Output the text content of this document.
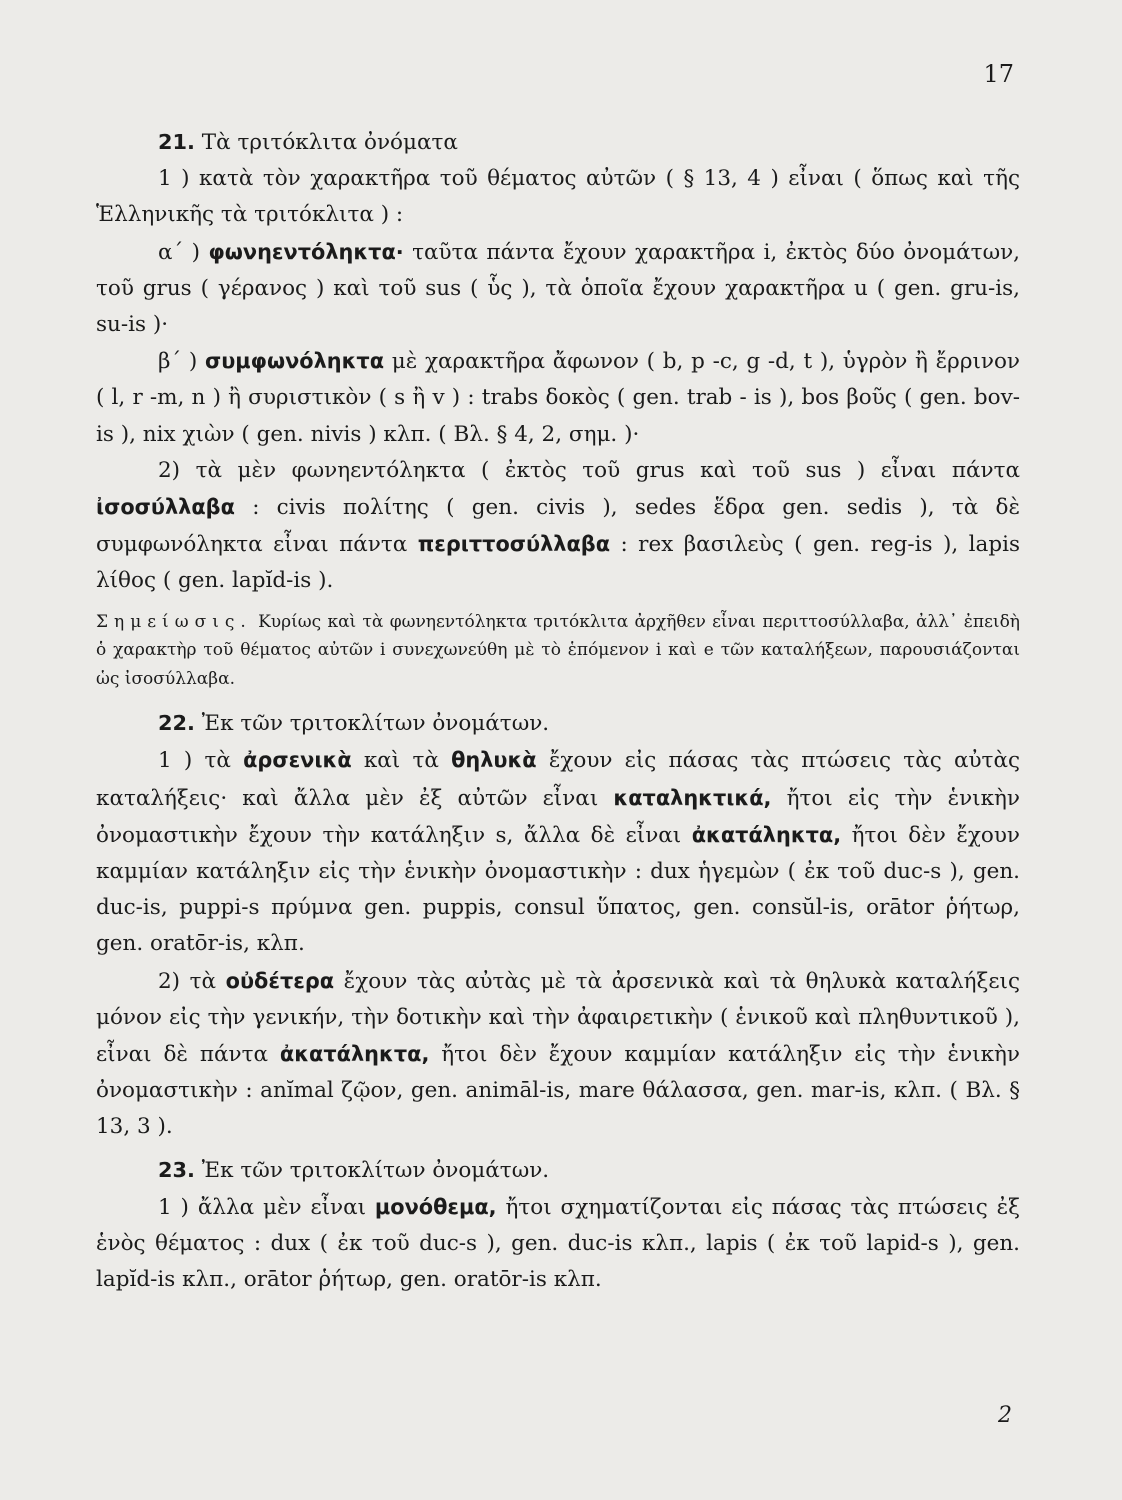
17

21. Τὰ τριτόκλιτα ὀνόματα

1 ) κατὰ τὸν χαρακτῆρα τοῦ θέματος αὐτῶν ( § 13, 4 ) εἶναι ( ὅπως καὶ τῆς Ἑλληνικῆς τὰ τριτόκλιτα ) :

α΄ ) φωνηεντόληκτα· ταῦτα πάντα ἔχουν χαρακτῆρα i, ἐκτὸς δύο ὀνομάτων, τοῦ grus ( γέρανος ) καὶ τοῦ sus ( ὗς ), τὰ ὁποῖα ἔχουν χαρακτῆρα u ( gen. gru-is, su-is )·

β΄ ) συμφωνόληκτα μὲ χαρακτῆρα ἄφωνον ( b, p -c, g -d, t ), ὑγρὸν ἢ ἔρρινον ( l, r -m, n ) ἢ συριστικὸν ( s ἢ v ) : trabs δοκὸς ( gen. trab - is ), bos βοῦς ( gen. bov-is ), nix χιὼν ( gen. nivis ) κλπ. ( Βλ. § 4, 2, σημ. )·

2) τὰ μὲν φωνηεντόληκτα ( ἐκτὸς τοῦ grus καὶ τοῦ sus ) εἶναι πάντα ἰσοσύλλαβα : civis πολίτης ( gen. civis ), sedes ἕδρα gen. sedis ), τὰ δὲ συμφωνόληκτα εἶναι πάντα περιττοσύλλαβα : rex βασιλεὺς ( gen. reg-is ), lapis λίθος ( gen. lapĭd-is ).

Σημείωσις. Κυρίως καὶ τὰ φωνηεντόληκτα τριτόκλιτα ἀρχῆθεν εἶναι περιττοσύλλαβα, ἀλλ᾽ ἐπειδὴ ὁ χαρακτὴρ τοῦ θέματος αὐτῶν i συνεχωνεύθη μὲ τὸ ἑπόμενον i καὶ e τῶν καταλήξεων, παρουσιάζονται ὡς ἰσοσύλλαβα.

22. Ἐκ τῶν τριτοκλίτων ὀνομάτων.

1 ) τὰ ἀρσενικὰ καὶ τὰ θηλυκὰ ἔχουν εἰς πάσας τὰς πτώσεις τὰς αὐτὰς καταλήξεις· καὶ ἄλλα μὲν ἐξ αὐτῶν εἶναι καταληκτικά, ἤτοι εἰς τὴν ἑνικὴν ὀνομαστικὴν ἔχουν τὴν κατάληξιν s, ἄλλα δὲ εἶναι ἀκατάληκτα, ἤτοι δὲν ἔχουν καμμίαν κατάληξιν εἰς τὴν ἑνικὴν ὀνομαστικὴν : dux ἡγεμὼν ( ἐκ τοῦ duc-s ), gen. duc-is, puppi-s πρύμνα gen. puppis, consul ὕπατος, gen. consŭl-is, orātor ῥήτωρ, gen. oratōr-is, κλπ.

2) τὰ οὐδέτερα ἔχουν τὰς αὐτὰς μὲ τὰ ἀρσενικὰ καὶ τὰ θηλυκὰ καταλήξεις μόνον εἰς τὴν γενικήν, τὴν δοτικὴν καὶ τὴν ἀφαιρετικὴν ( ἑνικοῦ καὶ πληθυντικοῦ ), εἶναι δὲ πάντα ἀκατάληκτα, ἤτοι δὲν ἔχουν καμμίαν κατάληξιν εἰς τὴν ἑνικὴν ὀνομαστικὴν : anĭmal ζῷον, gen. animāl-is, mare θάλασσα, gen. mar-is, κλπ. ( Βλ. § 13, 3 ).

23. Ἐκ τῶν τριτοκλίτων ὀνομάτων.

1 ) ἄλλα μὲν εἶναι μονόθεμα, ἤτοι σχηματίζονται εἰς πάσας τὰς πτώσεις ἐξ ἑνὸς θέματος : dux ( ἐκ τοῦ duc-s ), gen. duc-is κλπ., lapis ( ἐκ τοῦ lapid-s ), gen. lapĭd-is κλπ., orātor ῥήτωρ, gen. oratōr-is κλπ.

2
